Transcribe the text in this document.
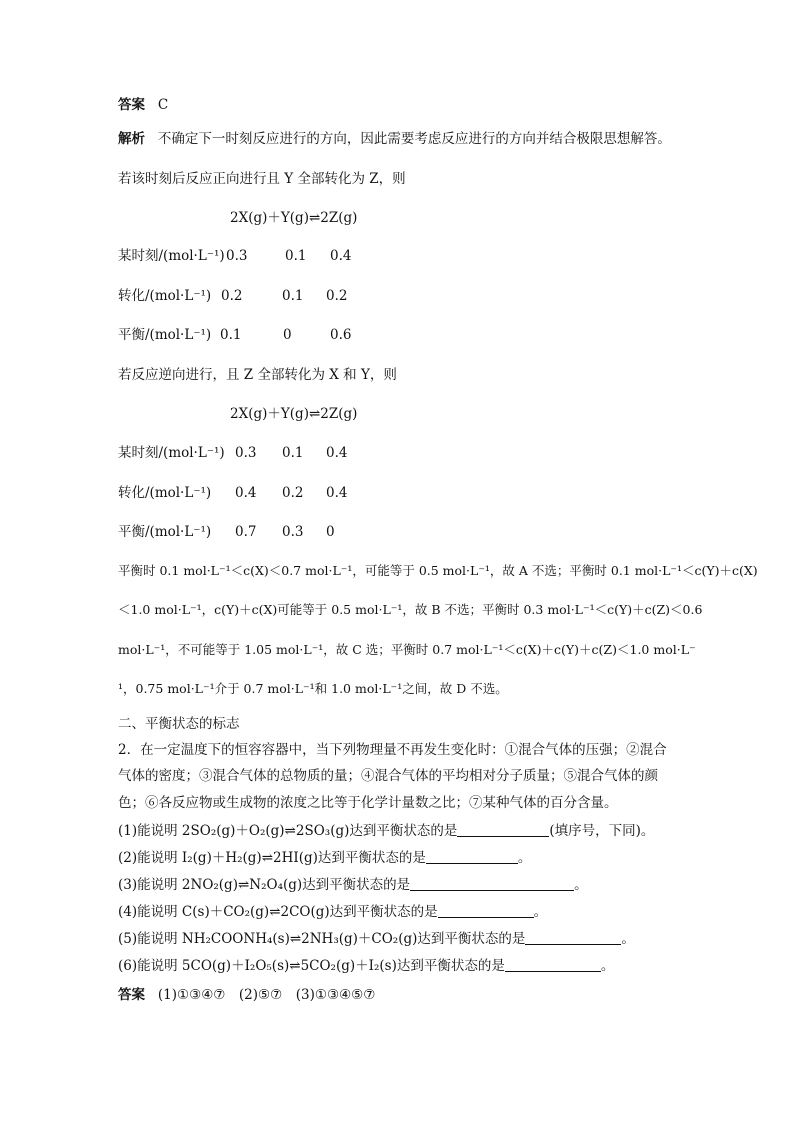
答案 C
解析 不确定下一时刻反应进行的方向，因此需要考虑反应进行的方向并结合极限思想解答。
若该时刻后反应正向进行且 Y 全部转化为 Z，则
2X(g)＋Y(g)⇌2Z(g)
某时刻/(mol·L⁻¹) 0.3	0.1 0.4
转化/(mol·L⁻¹) 0.2	0.1 0.2
平衡/(mol·L⁻¹) 0.1	0	0.6
若反应逆向进行，且 Z 全部转化为 X 和 Y，则
2X(g)＋Y(g)⇌2Z(g)
某时刻/(mol·L⁻¹) 0.3 0.1 0.4
转化/(mol·L⁻¹) 0.4 0.2 0.4
平衡/(mol·L⁻¹) 0.7 0.3 0
平衡时 0.1 mol·L⁻¹＜c(X)＜0.7 mol·L⁻¹，可能等于 0.5 mol·L⁻¹，故 A 不选；平衡时 0.1 mol·L⁻¹＜c(Y)＋c(X)
＜1.0 mol·L⁻¹，c(Y)＋c(X)可能等于 0.5 mol·L⁻¹，故 B 不选；平衡时 0.3 mol·L⁻¹＜c(Y)＋c(Z)＜0.6
mol·L⁻¹，不可能等于 1.05 mol·L⁻¹，故 C 选；平衡时 0.7 mol·L⁻¹＜c(X)＋c(Y)＋c(Z)＜1.0 mol·L⁻
¹，0.75 mol·L⁻¹介于 0.7 mol·L⁻¹和 1.0 mol·L⁻¹之间，故 D 不选。
二、平衡状态的标志
2．在一定温度下的恒容容器中，当下列物理量不再发生变化时：①混合气体的压强；②混合
气体的密度；③混合气体的总物质的量；④混合气体的平均相对分子质量；⑤混合气体的颜
色；⑥各反应物或生成物的浓度之比等于化学计量数之比；⑦某种气体的百分含量。
(1)能说明 2SO₂(g)＋O₂(g)⇌2SO₃(g)达到平衡状态的是	(填序号，下同)。
(2)能说明 I₂(g)＋H₂(g)⇌2HI(g)达到平衡状态的是	。
(3)能说明 2NO₂(g)⇌N₂O₄(g)达到平衡状态的是	。
(4)能说明 C(s)＋CO₂(g)⇌2CO(g)达到平衡状态的是	。
(5)能说明 NH₂COONH₄(s)⇌2NH₃(g)＋CO₂(g)达到平衡状态的是	。
(6)能说明 5CO(g)＋I₂O₅(s)⇌5CO₂(g)＋I₂(s)达到平衡状态的是	。
答案 (1)①③④⑦　(2)⑤⑦　(3)①③④⑤⑦
